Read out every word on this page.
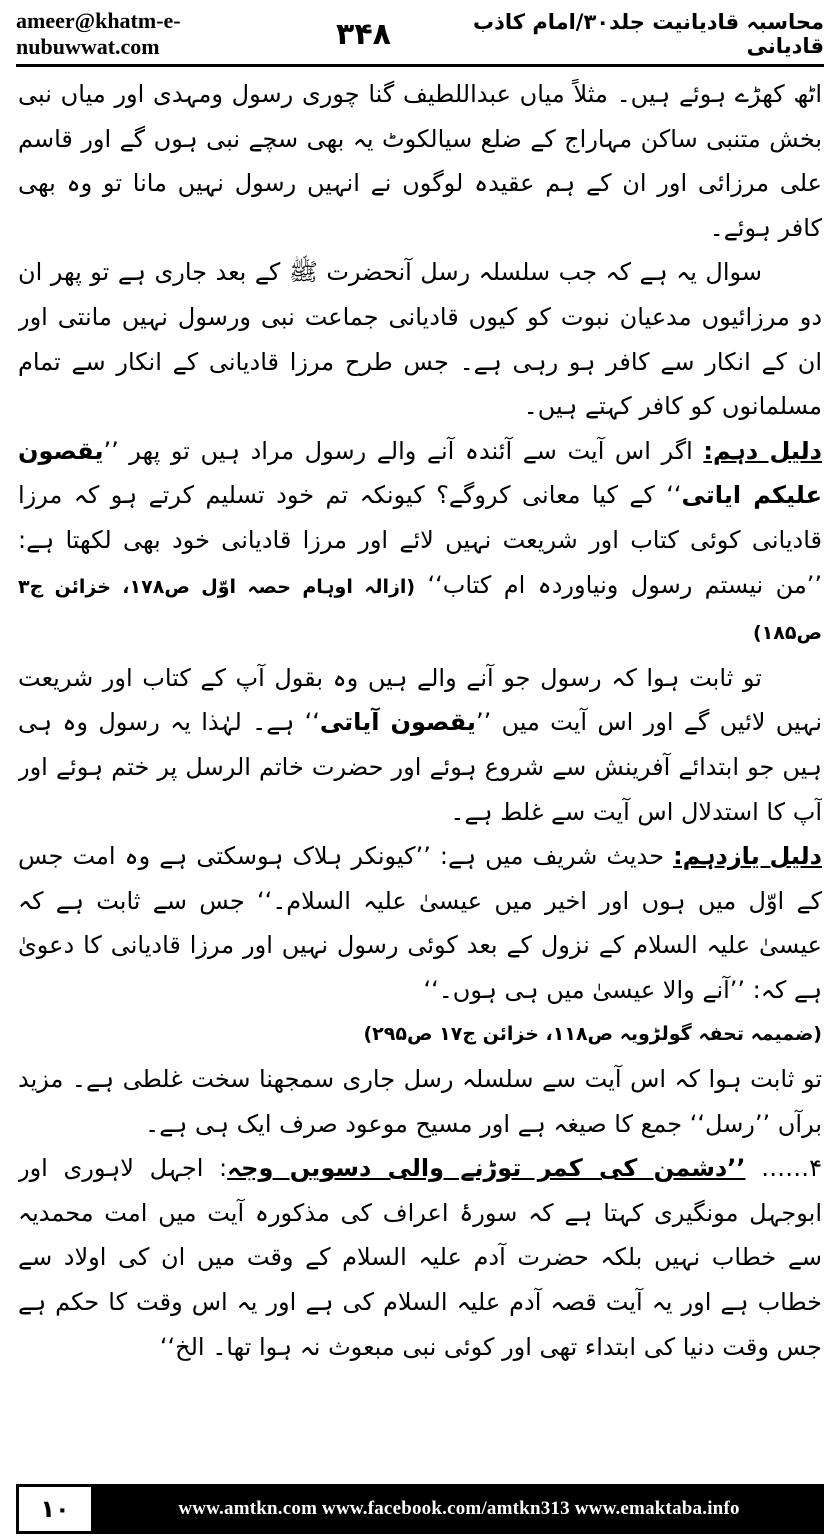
ameer@khatm-e-nubuwwat.com	۳۴۸	محاسبہ قادیانیت جلد۳۰/امام کاذب قادیانی

اٹھ کھڑے ہوئے ہیں۔ مثلاً میاں عبداللطیف گنا چوری رسول ومہدی اور میاں نبی بخش متنبی ساکن مہاراج کے ضلع سیالکوٹ یہ بھی سچے نبی ہوں گے اور قاسم علی مرزائی اور ان کے ہم عقیدہ لوگوں نے انہیں رسول نہیں مانا تو وہ بھی کافر ہوئے۔

سوال یہ ہے کہ جب سلسلہ رسل آنحضرت ﷺ کے بعد جاری ہے تو پھر ان دو مرزائیوں مدعیان نبوت کو کیوں قادیانی جماعت نبی ورسول نہیں مانتی اور ان کے انکار سے کافر ہو رہی ہے۔ جس طرح مرزا قادیانی کے انکار سے تمام مسلمانوں کو کافر کہتے ہیں۔

دلیل دہم: اگر اس آیت سے آئندہ آنے والے رسول مراد ہیں تو پھر ’’یقصون علیکم ایاتی‘‘ کے کیا معانی کروگے؟ کیونکہ تم خود تسلیم کرتے ہو کہ مرزا قادیانی کوئی کتاب اور شریعت نہیں لائے اور مرزا قادیانی خود بھی لکھتا ہے: ’’من نیستم رسول ونیاوردہ ام کتاب‘‘ (ازالہ اوہام حصہ اوّل ص۱۷۸، خزائن ج۳ ص۱۸۵)

تو ثابت ہوا کہ رسول جو آنے والے ہیں وہ بقول آپ کے کتاب اور شریعت نہیں لائیں گے اور اس آیت میں ’’یقصون آیاتی‘‘ ہے۔ لہٰذا یہ رسول وہ ہی ہیں جو ابتدائے آفرینش سے شروع ہوئے اور حضرت خاتم الرسل پر ختم ہوئے اور آپ کا استدلال اس آیت سے غلط ہے۔

دلیل یازدہم: حدیث شریف میں ہے: ’’کیونکر ہلاک ہوسکتی ہے وہ امت جس کے اوّل میں ہوں اور اخیر میں عیسیٰ علیہ السلام۔‘‘ جس سے ثابت ہے کہ عیسیٰ علیہ السلام کے نزول کے بعد کوئی رسول نہیں اور مرزا قادیانی کا دعویٰ ہے کہ: ’’آنے والا عیسیٰ میں ہی ہوں۔‘‘

(ضمیمہ تحفہ گولڑویہ ص۱۱۸، خزائن ج۱۷ ص۲۹۵)

تو ثابت ہوا کہ اس آیت سے سلسلہ رسل جاری سمجھنا سخت غلطی ہے۔ مزید برآں ’’رسل‘‘ جمع کا صیغہ ہے اور مسیح موعود صرف ایک ہی ہے۔

۴…… ’’دشمن کی کمر توڑنے والی دسویں وجہ: اجہل لاہوری اور ابوجہل مونگیری کہتا ہے کہ سورۂ اعراف کی مذکورہ آیت میں امت محمدیہ سے خطاب نہیں بلکہ حضرت آدم علیہ السلام کے وقت میں ان کی اولاد سے خطاب ہے اور یہ آیت قصہ آدم علیہ السلام کی ہے اور یہ اس وقت کا حکم ہے جس وقت دنیا کی ابتداء تھی اور کوئی نبی مبعوث نہ ہوا تھا۔ الخ‘‘

۱۰	www.amtkn.com www.facebook.com/amtkn313 www.emaktaba.info
